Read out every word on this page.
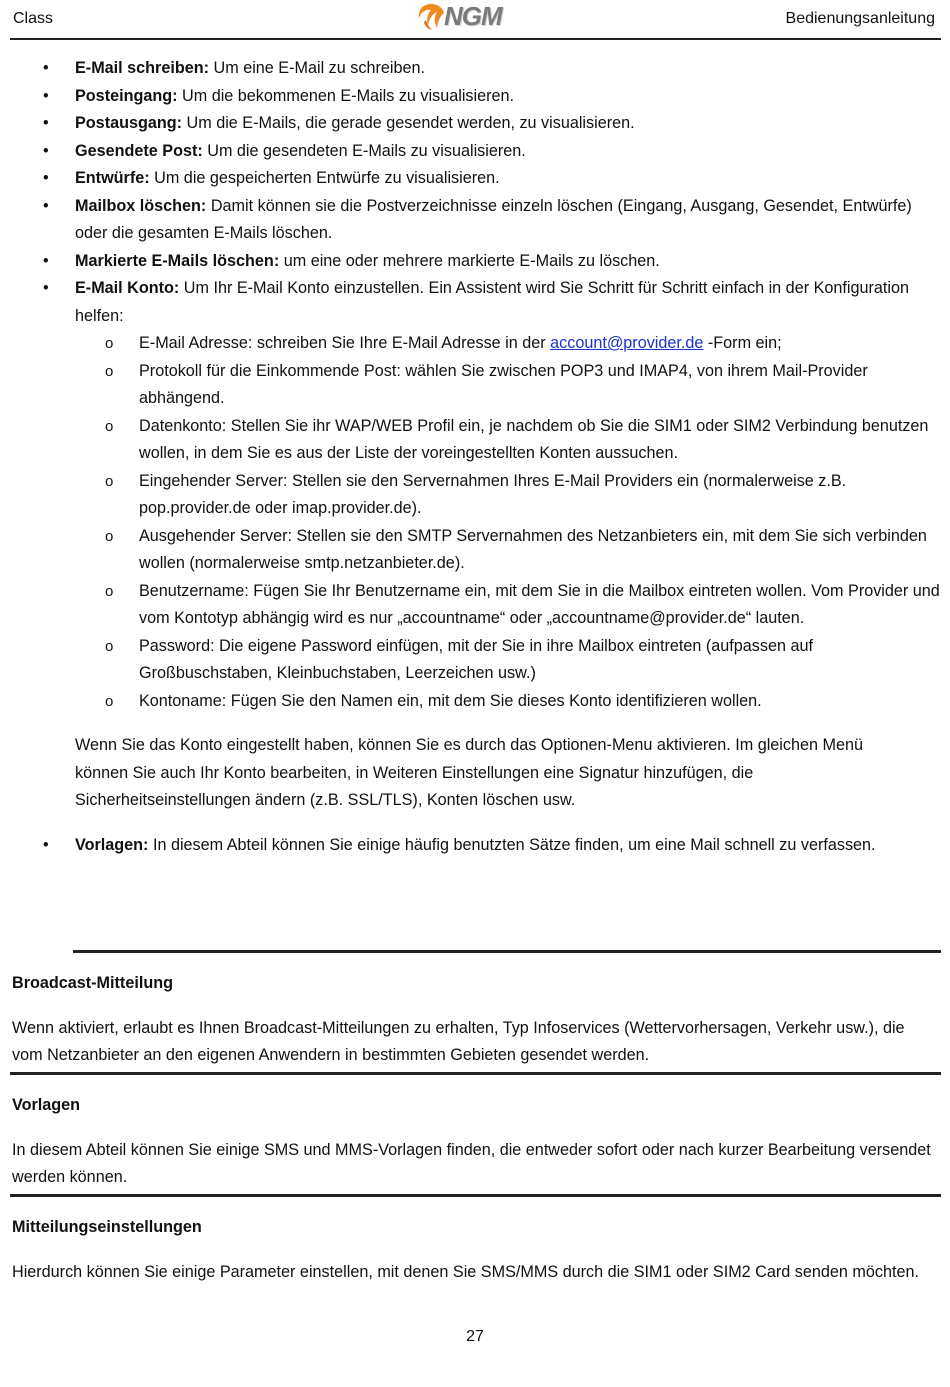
Class	NGM	Bedienungsanleitung
• E-Mail schreiben: Um eine E-Mail zu schreiben.
• Posteingang: Um die bekommenen E-Mails zu visualisieren.
• Postausgang: Um die E-Mails, die gerade gesendet werden, zu visualisieren.
• Gesendete Post: Um die gesendeten E-Mails zu visualisieren.
• Entwürfe: Um die gespeicherten Entwürfe zu visualisieren.
• Mailbox löschen: Damit können sie die Postverzeichnisse einzeln löschen (Eingang, Ausgang, Gesendet, Entwürfe) oder die gesamten E-Mails löschen.
• Markierte E-Mails löschen: um eine oder mehrere markierte E-Mails zu löschen.
• E-Mail Konto: Um Ihr E-Mail Konto einzustellen. Ein Assistent wird Sie Schritt für Schritt einfach in der Konfiguration helfen:
o E-Mail Adresse: schreiben Sie Ihre E-Mail Adresse in der account@provider.de -Form ein;
o Protokoll für die Einkommende Post: wählen Sie zwischen POP3 und IMAP4, von ihrem Mail-Provider abhängend.
o Datenkonto: Stellen Sie ihr WAP/WEB Profil ein, je nachdem ob Sie die SIM1 oder SIM2 Verbindung benutzen wollen, in dem Sie es aus der Liste der voreingestellten Konten aussuchen.
o Eingehender Server: Stellen sie den Servernahmen Ihres E-Mail Providers ein (normalerweise z.B. pop.provider.de oder imap.provider.de).
o Ausgehender Server: Stellen sie den SMTP Servernahmen des Netzanbieters ein, mit dem Sie sich verbinden wollen (normalerweise smtp.netzanbieter.de).
o Benutzername: Fügen Sie Ihr Benutzername ein, mit dem Sie in die Mailbox eintreten wollen. Vom Provider und vom Kontotyp abhängig wird es nur „accountname“ oder „accountname@provider.de“ lauten.
o Password: Die eigene Password einfügen, mit der Sie in ihre Mailbox eintreten (aufpassen auf Großbuschstaben, Kleinbuchstaben, Leerzeichen usw.)
o Kontoname: Fügen Sie den Namen ein, mit dem Sie dieses Konto identifizieren wollen.

Wenn Sie das Konto eingestellt haben, können Sie es durch das Optionen-Menu aktivieren. Im gleichen Menü können Sie auch Ihr Konto bearbeiten, in Weiteren Einstellungen eine Signatur hinzufügen, die Sicherheitseinstellungen ändern (z.B. SSL/TLS), Konten löschen usw.

• Vorlagen: In diesem Abteil können Sie einige häufig benutzten Sätze finden, um eine Mail schnell zu verfassen.
Broadcast-Mitteilung
Wenn aktiviert, erlaubt es Ihnen Broadcast-Mitteilungen zu erhalten, Typ Infoservices (Wettervorhersagen, Verkehr usw.), die vom Netzanbieter an den eigenen Anwendern in bestimmten Gebieten gesendet werden.
Vorlagen
In diesem Abteil können Sie einige SMS und MMS-Vorlagen finden, die entweder sofort oder nach kurzer Bearbeitung versendet werden können.
Mitteilungseinstellungen
Hierdurch können Sie einige Parameter einstellen, mit denen Sie SMS/MMS durch die SIM1 oder SIM2 Card senden möchten.
27
